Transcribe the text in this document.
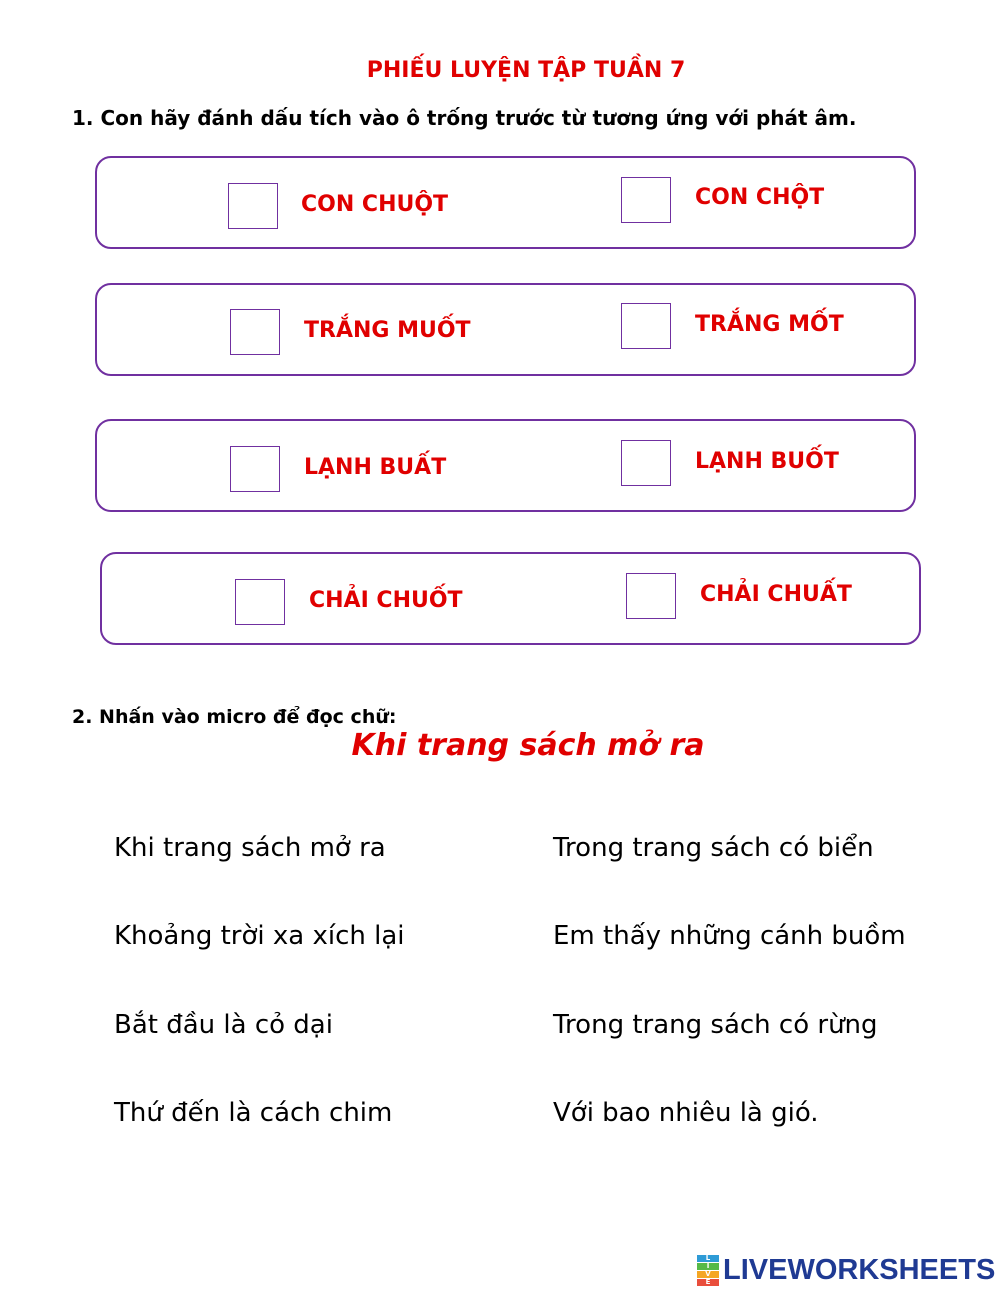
PHIẾU LUYỆN TẬP TUẦN 7

1. Con hãy đánh dấu tích vào ô trống trước từ tương ứng với phát âm.

CON CHUỘT	CON CHỘT
TRẮNG MUỐT	TRẮNG MỐT
LẠNH BUẤT	LẠNH BUỐT
CHẢI CHUỐT	CHẢI CHUẤT

2. Nhấn vào micro để đọc chữ:

Khi trang sách mở ra
Khi trang sách mở ra
Khoảng trời xa xích lại
Bắt đầu là cỏ dại
Thứ đến là cách chim
Trong trang sách có biển
Em thấy những cánh buồm
Trong trang sách có rừng
Với bao nhiêu là gió.
L
I
V
E LIVEWORKSHEETS
